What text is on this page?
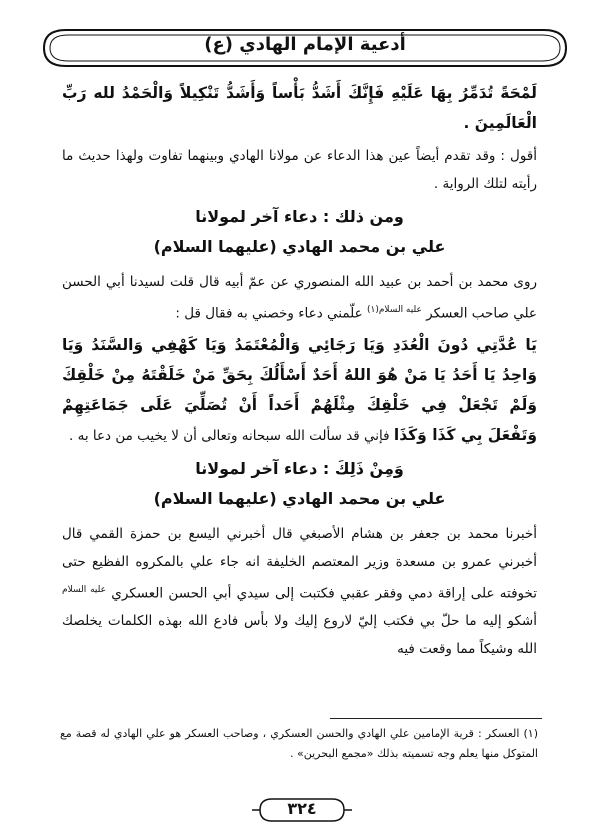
أدعية الإمام الهادي (ع)

لَمْحَةً تُدَمِّرُ بِهَا عَلَيْهِ فَإِنَّكَ أَشَدُّ بَأْساً وَأَشَدُّ تَنْكِيلاً وَالْحَمْدُ لله رَبِّ الْعَالَمِينَ .

أقول : وقد تقدم أيضاً عين هذا الدعاء عن مولانا الهادي وبينهما تفاوت ولهذا حديث ما رأيته لتلك الرواية .

ومن ذلك : دعاء آخر لمولانا
علي بن محمد الهادي (عليهما السلام)

روى محمد بن أحمد بن عبيد الله المنصوري عن عمّ أبيه قال قلت لسيدنا أبي الحسن علي صاحب العسكر $^{عليه السلام(١)}$ علّمني دعاء وخصني به فقال قل :

يَا عُدَّتِي دُونَ الْعُدَدِ وَيَا رَجَائِي وَالْمُعْتَمَدُ وَيَا كَهْفِي وَالسَّنَدُ وَيَا وَاحِدُ يَا أَحَدُ يَا مَنْ هُوَ اللهُ أَحَدٌ أَسْأَلُكَ بِحَقِّ مَنْ خَلَقْتَهُ مِنْ خَلْقِكَ وَلَمْ تَجْعَلْ فِي خَلْقِكَ مِثْلَهُمْ أَحَداً أَنْ تُصَلِّيَ عَلَى جَمَاعَتِهِمْ وَتَفْعَلَ بِي كَذَا وَكَذَا فإني قد سألت الله سبحانه وتعالى أن لا يخيب من دعا به .

وَمِنْ ذَلِكَ : دعاء آخر لمولانا
علي بن محمد الهادي (عليهما السلام)

أخبرنا محمد بن جعفر بن هشام الأصبغي قال أخبرني اليسع بن حمزة القمي قال أخبرني عمرو بن مسعدة وزير المعتصم الخليفة انه جاء علي بالمكروه الفظيع حتى تخوفته على إراقة دمي وفقر عقبي فكتبت إلى سيدي أبي الحسن العسكري $^{عليه السلام}$ أشكو إليه ما حلّ بي فكتب إليّ لاروع إليك ولا بأس فادع الله بهذه الكلمات يخلصك الله وشيكاً مما وقعت فيه

(١) العسكر : قرية الإمامين علي الهادي والحسن العسكري ، وصاحب العسكر هو علي الهادي له قصة مع المتوكل منها يعلم وجه تسميته بذلك «مجمع البحرين» .

٣٢٤
